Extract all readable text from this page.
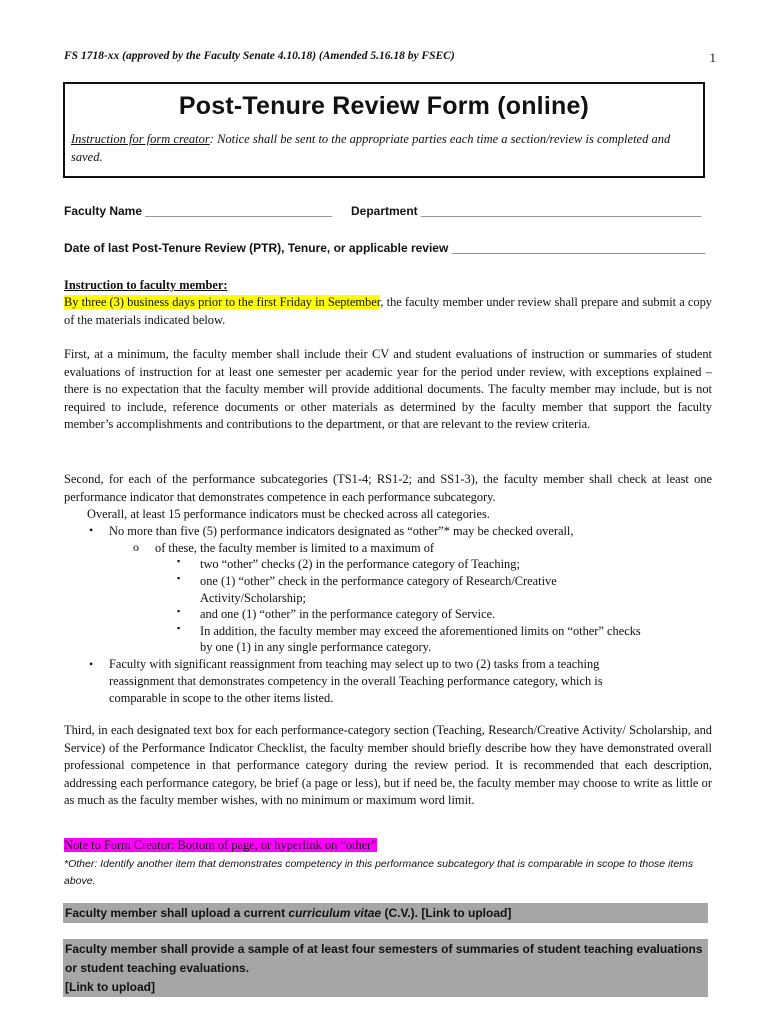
FS 1718-xx (approved by the Faculty Senate 4.10.18) (Amended 5.16.18 by FSEC)	1
Post-Tenure Review Form (online)
Instruction for form creator: Notice shall be sent to the appropriate parties each time a section/review is completed and saved.
Faculty Name ____________________________ Department __________________________________________
Date of last Post-Tenure Review (PTR), Tenure, or applicable review ______________________________________
Instruction to faculty member:
By three (3) business days prior to the first Friday in September, the faculty member under review shall prepare and submit a copy of the materials indicated below.
First, at a minimum, the faculty member shall include their CV and student evaluations of instruction or summaries of student evaluations of instruction for at least one semester per academic year for the period under review, with exceptions explained – there is no expectation that the faculty member will provide additional documents. The faculty member may include, but is not required to include, reference documents or other materials as determined by the faculty member that support the faculty member’s accomplishments and contributions to the department, or that are relevant to the review criteria.
Second, for each of the performance subcategories (TS1-4; RS1-2; and SS1-3), the faculty member shall check at least one performance indicator that demonstrates competence in each performance subcategory.
Overall, at least 15 performance indicators must be checked across all categories.
• No more than five (5) performance indicators designated as “other”* may be checked overall,
o of these, the faculty member is limited to a maximum of
▪ two “other” checks (2) in the performance category of Teaching;
▪ one (1) “other” check in the performance category of Research/Creative
Activity/Scholarship;
▪ and one (1) “other” in the performance category of Service.
▪ In addition, the faculty member may exceed the aforementioned limits on “other” checks
by one (1) in any single performance category.
• Faculty with significant reassignment from teaching may select up to two (2) tasks from a teaching
reassignment that demonstrates competency in the overall Teaching performance category, which is
comparable in scope to the other items listed.
Third, in each designated text box for each performance-category section (Teaching, Research/Creative Activity/ Scholarship, and Service) of the Performance Indicator Checklist, the faculty member should briefly describe how they have demonstrated overall professional competence in that performance category during the review period. It is recommended that each description, addressing each performance category, be brief (a page or less), but if need be, the faculty member may choose to write as little or as much as the faculty member wishes, with no minimum or maximum word limit.
Note to Form Creator: Bottom of page, or hyperlink on “other”
*Other: Identify another item that demonstrates competency in this performance subcategory that is comparable in scope to those items above.
Faculty member shall upload a current curriculum vitae (C.V.). [Link to upload]
Faculty member shall provide a sample of at least four semesters of summaries of student teaching evaluations
or student teaching evaluations.
[Link to upload]
